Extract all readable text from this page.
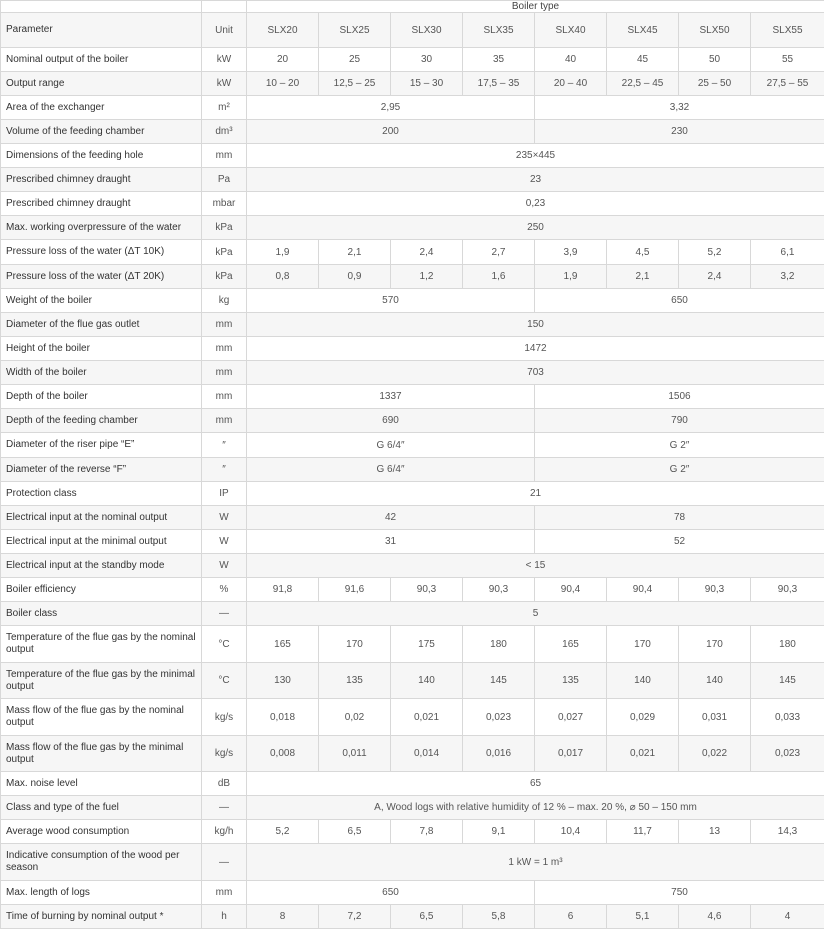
		Boiler type							
Parameter	Unit	SLX20	SLX25	SLX30	SLX35	SLX40	SLX45	SLX50	SLX55
Nominal output of the boiler	kW	20	25	30	35	40	45	50	55
Output range	kW	10 – 20	12,5 – 25	15 – 30	17,5 – 35	20 – 40	22,5 – 45	25 – 50	27,5 – 55
Area of the exchanger	m²	2,95				3,32			
Volume of the feeding chamber	dm³	200				230			
Dimensions of the feeding hole	mm	235×445							
Prescribed chimney draught	Pa	23							
Prescribed chimney draught	mbar	0,23							
Max. working overpressure of the water	kPa	250							
Pressure loss of the water (ΔT 10K)	kPa	1,9	2,1	2,4	2,7	3,9	4,5	5,2	6,1
Pressure loss of the water (ΔT 20K)	kPa	0,8	0,9	1,2	1,6	1,9	2,1	2,4	3,2
Weight of the boiler	kg	570				650			
Diameter of the flue gas outlet	mm	150							
Height of the boiler	mm	1472							
Width of the boiler	mm	703							
Depth of the boiler	mm	1337				1506			
Depth of the feeding chamber	mm	690				790			
Diameter of the riser pipe “E”	″	G 6/4″				G 2″			
Diameter of the reverse “F”	″	G 6/4″				G 2″			
Protection class	IP	21							
Electrical input at the nominal output	W	42				78			
Electrical input at the minimal output	W	31				52			
Electrical input at the standby mode	W	< 15							
Boiler efficiency	%	91,8	91,6	90,3	90,3	90,4	90,4	90,3	90,3
Boiler class	—	5							
Temperature of the flue gas by the nominal output	°C	165	170	175	180	165	170	170	180
Temperature of the flue gas by the minimal output	°C	130	135	140	145	135	140	140	145
Mass flow of the flue gas by the nominal output	kg/s	0,018	0,02	0,021	0,023	0,027	0,029	0,031	0,033
Mass flow of the flue gas by the minimal output	kg/s	0,008	0,011	0,014	0,016	0,017	0,021	0,022	0,023
Max. noise level	dB	65							
Class and type of the fuel	—	A, Wood logs with relative humidity of 12 % – max. 20 %, ⌀ 50 – 150 mm							
Average wood consumption	kg/h	5,2	6,5	7,8	9,1	10,4	11,7	13	14,3
Indicative consumption of the wood per season	—	1 kW = 1 m³							
Max. length of logs	mm	650				750			
Time of burning by nominal output *	h	8	7,2	6,5	5,8	6	5,1	4,6	4
